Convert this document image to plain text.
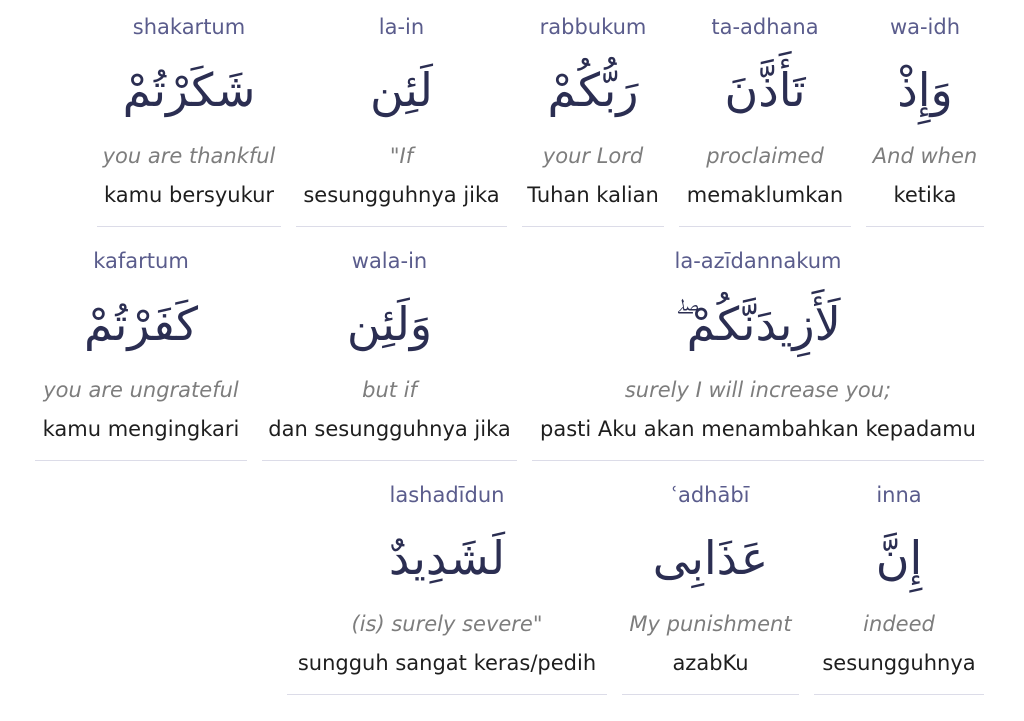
wa-idh
وَإِذْ
And when
ketika
ta-adhana
تَأَذَّنَ
proclaimed
memaklumkan
rabbukum
رَبُّكُمْ
your Lord
Tuhan kalian
la-in
لَئِن
"If
sesungguhnya jika
shakartum
شَكَرْتُمْ
you are thankful
kamu bersyukur
la-azīdannakum
لَأَزِيدَنَّكُمْ ۖ
surely I will increase you;
pasti Aku akan menambahkan kepadamu
wala-in
وَلَئِن
but if
dan sesungguhnya jika
kafartum
كَفَرْتُمْ
you are ungrateful
kamu mengingkari
inna
إِنَّ
indeed
sesungguhnya
ʿadhābī
عَذَابِى
My punishment
azabKu
lashadīdun
لَشَدِيدٌ
(is) surely severe"
sungguh sangat keras/pedih
